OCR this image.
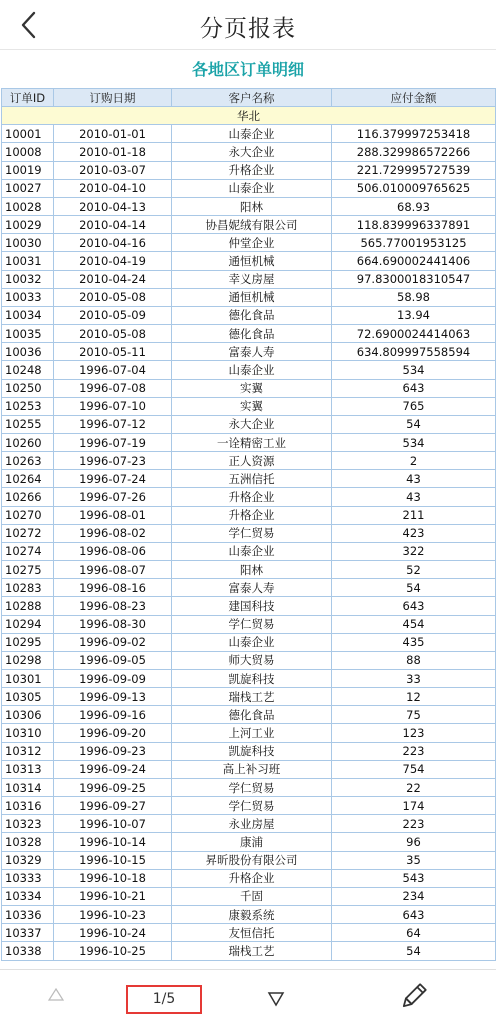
分页报表
各地区订单明细
订单ID	订购日期	客户名称	应付金额
华北			
10001	2010-01-01	山泰企业	116.379997253418
10008	2010-01-18	永大企业	288.329986572266
10019	2010-03-07	升格企业	221.729995727539
10027	2010-04-10	山泰企业	506.010009765625
10028	2010-04-13	阳林	68.93
10029	2010-04-14	协昌妮绒有限公司	118.839996337891
10030	2010-04-16	仲堂企业	565.77001953125
10031	2010-04-19	通恒机械	664.690002441406
10032	2010-04-24	幸义房屋	97.8300018310547
10033	2010-05-08	通恒机械	58.98
10034	2010-05-09	德化食品	13.94
10035	2010-05-08	德化食品	72.6900024414063
10036	2010-05-11	富泰人寿	634.809997558594
10248	1996-07-04	山泰企业	534
10250	1996-07-08	实翼	643
10253	1996-07-10	实翼	765
10255	1996-07-12	永大企业	54
10260	1996-07-19	一诠精密工业	534
10263	1996-07-23	正人资源	2
10264	1996-07-24	五洲信托	43
10266	1996-07-26	升格企业	43
10270	1996-08-01	升格企业	211
10272	1996-08-02	学仁贸易	423
10274	1996-08-06	山泰企业	322
10275	1996-08-07	阳林	52
10283	1996-08-16	富泰人寿	54
10288	1996-08-23	建国科技	643
10294	1996-08-30	学仁贸易	454
10295	1996-09-02	山泰企业	435
10298	1996-09-05	师大贸易	88
10301	1996-09-09	凯旋科技	33
10305	1996-09-13	瑞栈工艺	12
10306	1996-09-16	德化食品	75
10310	1996-09-20	上河工业	123
10312	1996-09-23	凯旋科技	223
10313	1996-09-24	高上补习班	754
10314	1996-09-25	学仁贸易	22
10316	1996-09-27	学仁贸易	174
10323	1996-10-07	永业房屋	223
10328	1996-10-14	康浦	96
10329	1996-10-15	昇昕股份有限公司	35
10333	1996-10-18	升格企业	543
10334	1996-10-21	千固	234
10336	1996-10-23	康毅系统	643
10337	1996-10-24	友恒信托	64
10338	1996-10-25	瑞栈工艺	54
1/5
